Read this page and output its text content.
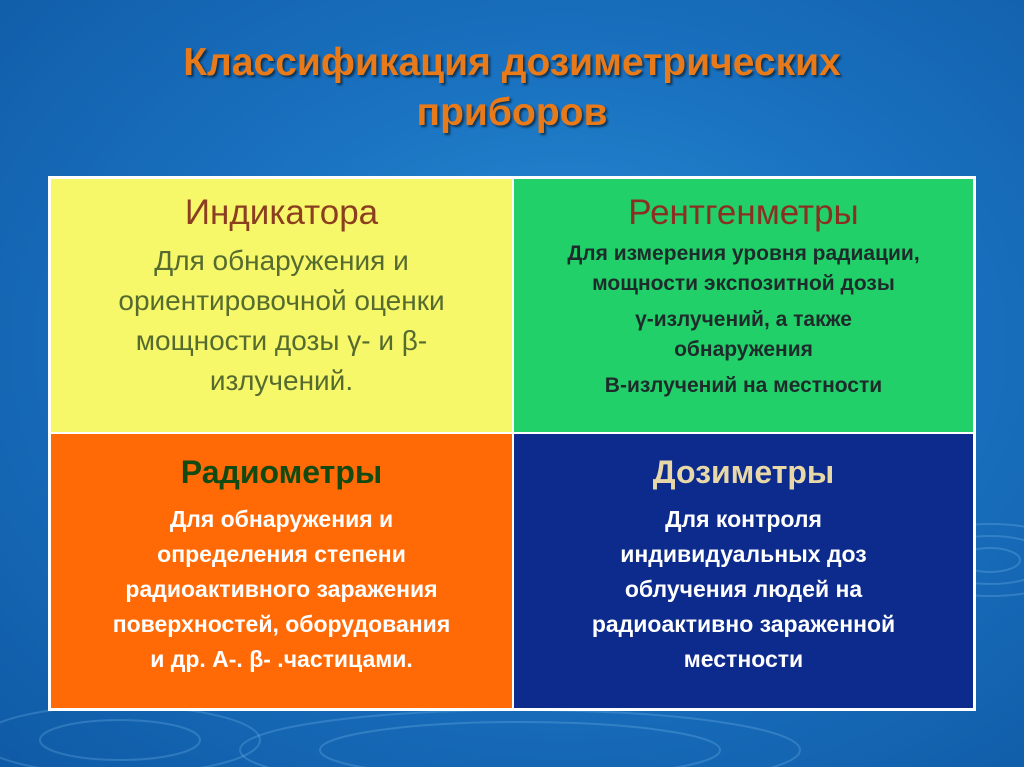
Классификация дозиметрических
приборов
Индикатора
Для обнаружения и
ориентировочной оценки
мощности дозы γ- и β-
излучений.
Рентгенметры
Для измерения уровня радиации,
мощности экспозитной дозы
γ-излучений, а также
обнаружения
В-излучений на местности
Радиометры
Для обнаружения и
определения степени
радиоактивного заражения
поверхностей, оборудования
и др. А-. β- .частицами.
Дозиметры
Для контроля
индивидуальных доз
облучения людей на
радиоактивно зараженной
местности
